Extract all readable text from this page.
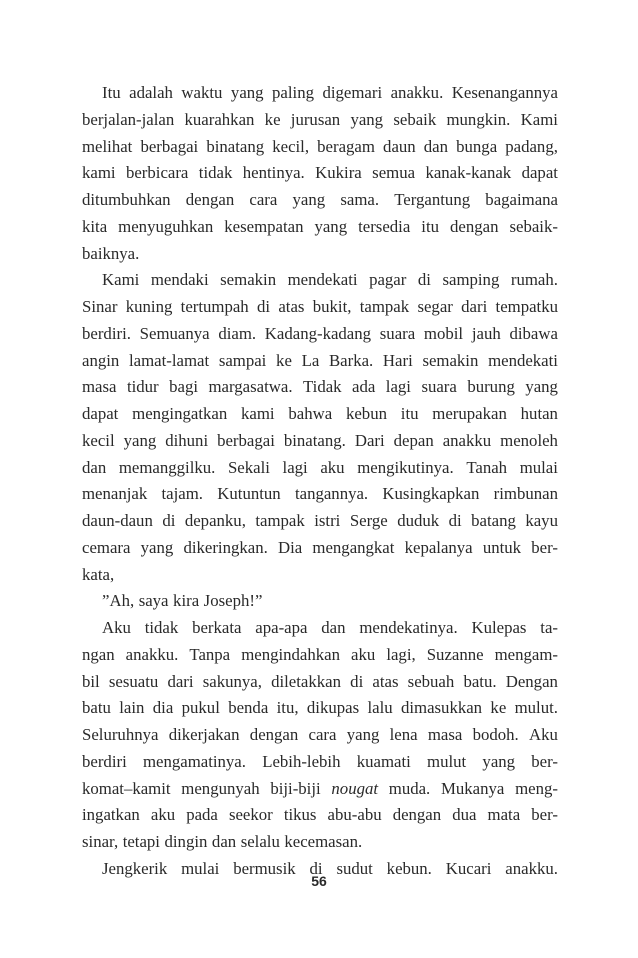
Itu adalah waktu yang paling digemari anakku. Kesenangannya
berjalan-jalan kuarahkan ke jurusan yang sebaik mungkin. Kami
melihat berbagai binatang kecil, beragam daun dan bunga padang,
kami berbicara tidak hentinya. Kukira semua kanak-kanak dapat
ditumbuhkan dengan cara yang sama. Tergantung bagaimana
kita menyuguhkan kesempatan yang tersedia itu dengan sebaik-
baiknya.
Kami mendaki semakin mendekati pagar di samping rumah.
Sinar kuning tertumpah di atas bukit, tampak segar dari tempatku
berdiri. Semuanya diam. Kadang-kadang suara mobil jauh dibawa
angin lamat-lamat sampai ke La Barka. Hari semakin mendekati
masa tidur bagi margasatwa. Tidak ada lagi suara burung yang
dapat mengingatkan kami bahwa kebun itu merupakan hutan
kecil yang dihuni berbagai binatang. Dari depan anakku menoleh
dan memanggilku. Sekali lagi aku mengikutinya. Tanah mulai
menanjak tajam. Kutuntun tangannya. Kusingkapkan rimbunan
daun-daun di depanku, tampak istri Serge duduk di batang kayu
cemara yang dikeringkan. Dia mengangkat kepalanya untuk ber-
kata,
”Ah, saya kira Joseph!”
Aku tidak berkata apa-apa dan mendekatinya. Kulepas ta-
ngan anakku. Tanpa mengindahkan aku lagi, Suzanne mengam-
bil sesuatu dari sakunya, diletakkan di atas sebuah batu. Dengan
batu lain dia pukul benda itu, dikupas lalu dimasukkan ke mulut.
Seluruhnya dikerjakan dengan cara yang lena masa bodoh. Aku
berdiri mengamatinya. Lebih-lebih kuamati mulut yang ber-
komat–kamit mengunyah biji-biji nougat muda. Mukanya meng-
ingatkan aku pada seekor tikus abu-abu dengan dua mata ber-
sinar, tetapi dingin dan selalu kecemasan.
Jengkerik mulai bermusik di sudut kebun. Kucari anakku.
56
